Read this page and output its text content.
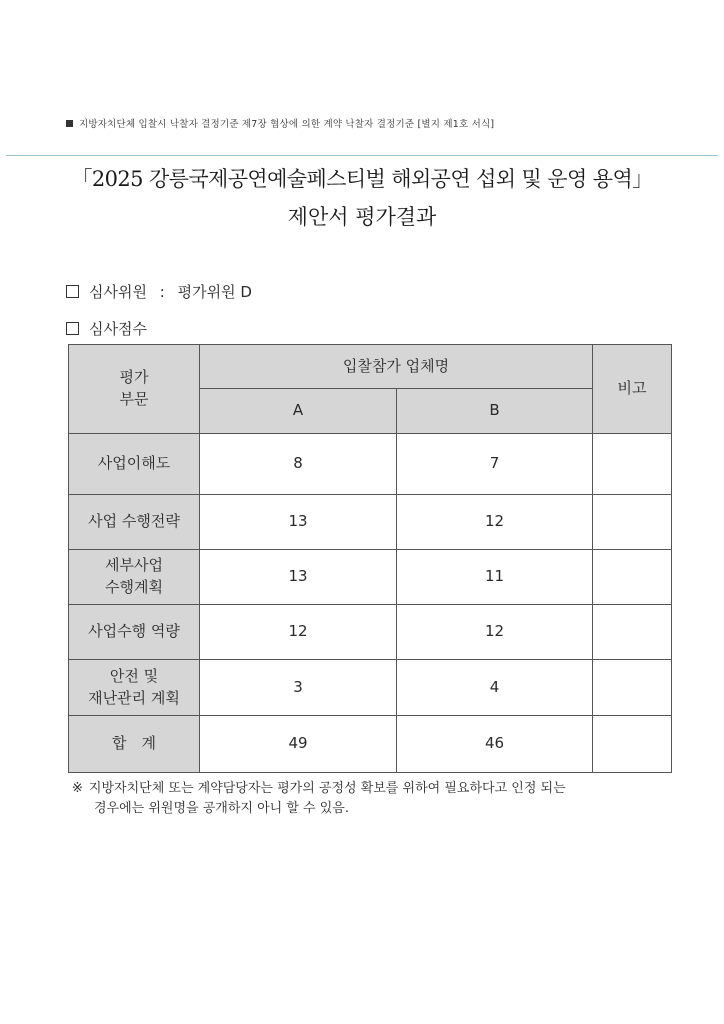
지방자치단체 입찰시 낙찰자 결정기준 제7장 협상에 의한 계약 낙찰자 결정기준 [별지 제1호 서식]
「2025 강릉국제공연예술페스티벌 해외공연 섭외 및 운영 용역」
제안서 평가결과
심사위원 : 평가위원 D
심사점수
평가
부문	입찰참가 업체명		비고
	A	B	

사업이해도	8	7	

사업 수행전략	13	12	

세부사업
수행계획	13	11	

사업수행 역량	12	12	

안전 및
재난관리 계획	3	4	
합　계	49	46	
※ 지방자치단체 또는 계약담당자는 평가의 공정성 확보를 위하여 필요하다고 인정 되는
경우에는 위원명을 공개하지 아니 할 수 있음.
